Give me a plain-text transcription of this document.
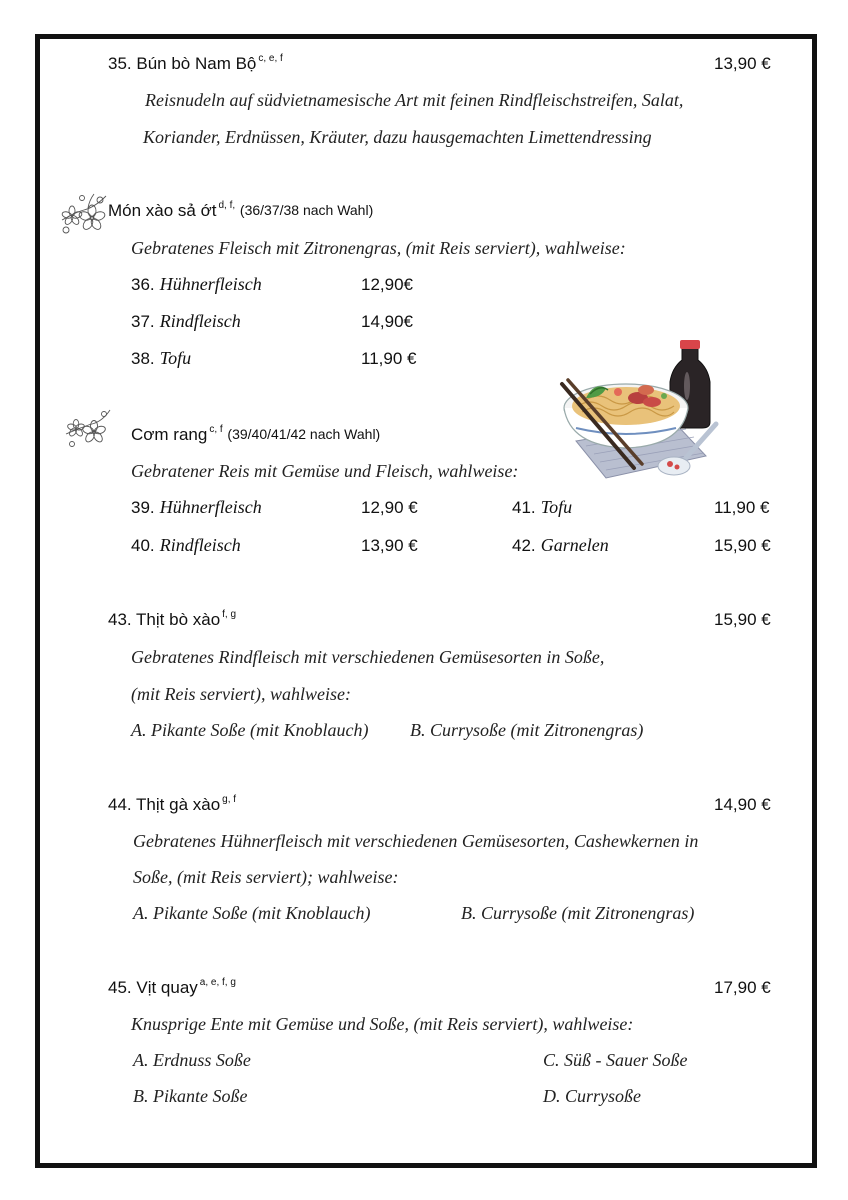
35. Bún bò Nam Bộ $^{c, e, f}$	13,90 €
Reisnudeln auf südvietnamesische Art mit feinen Rindfleischstreifen, Salat,
Koriander, Erdnüssen, Kräuter, dazu hausgemachten Limettendressing
Món xào sả ớt $^{d, f,}$ (36/37/38 nach Wahl)
Gebratenes Fleisch mit Zitronengras, (mit Reis serviert), wahlweise:
36. Hühnerfleisch	12,90€
37. Rindfleisch	14,90€
38. Tofu	11,90 €
Cơm rang $^{c, f}$ (39/40/41/42 nach Wahl)
Gebratener Reis mit Gemüse und Fleisch, wahlweise:
39. Hühnerfleisch	12,90 €	41. Tofu	11,90 €
40. Rindfleisch	13,90 €	42. Garnelen	15,90 €
43. Thịt bò xào $^{f, g}$	15,90 €
Gebratenes Rindfleisch mit verschiedenen Gemüsesorten in Soße,
(mit Reis serviert), wahlweise:
A. Pikante Soße (mit Knoblauch) B. Currysoße (mit Zitronengras)
44. Thịt gà xào $^{g, f}$	14,90 €
Gebratenes Hühnerfleisch mit verschiedenen Gemüsesorten, Cashewkernen in
Soße, (mit Reis serviert); wahlweise:
A. Pikante Soße (mit Knoblauch)	B. Currysoße (mit Zitronengras)
45. Vịt quay $^{a, e, f, g}$	17,90 €
Knusprige Ente mit Gemüse und Soße, (mit Reis serviert), wahlweise:
A. Erdnuss Soße	C. Süß - Sauer Soße
B. Pikante Soße	D. Currysoße
